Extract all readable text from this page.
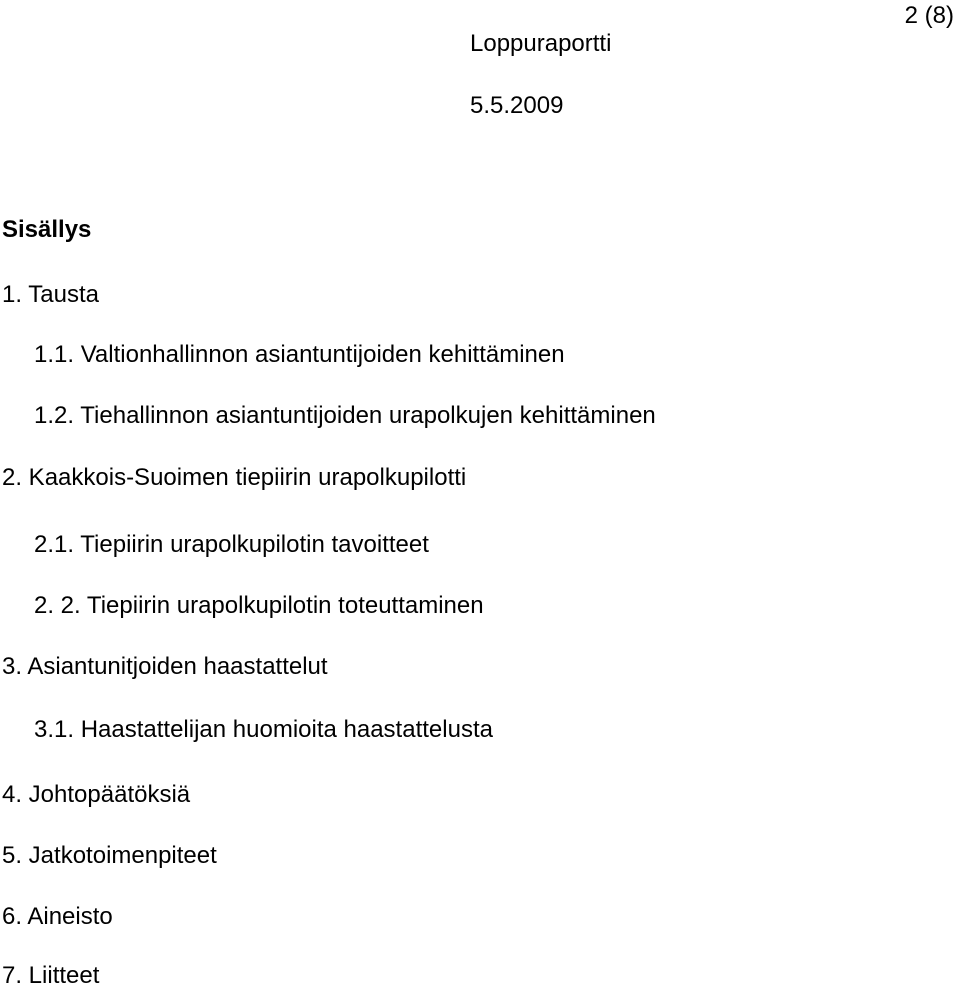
2 (8)
Loppuraportti
5.5.2009
Sisällys
1. Tausta
1.1. Valtionhallinnon asiantuntijoiden kehittäminen
1.2. Tiehallinnon asiantuntijoiden urapolkujen kehittäminen
2. Kaakkois-Suoimen tiepiirin urapolkupilotti
2.1. Tiepiirin urapolkupilotin tavoitteet
2. 2. Tiepiirin urapolkupilotin toteuttaminen
3. Asiantunitjoiden haastattelut
3.1. Haastattelijan huomioita haastattelusta
4. Johtopäätöksiä
5. Jatkotoimenpiteet
6. Aineisto
7. Liitteet
